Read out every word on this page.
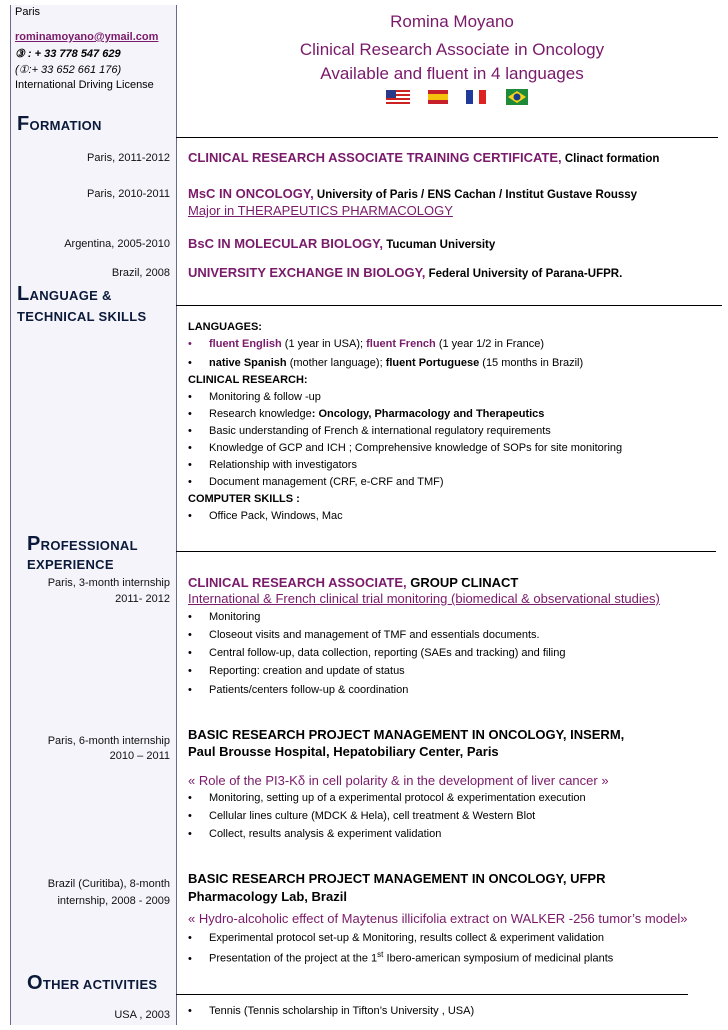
Paris
rominamoyano@ymail.com
③ : + 33 778 547 629
(①:+ 33 652 661 176)
International Driving License
Romina Moyano
Clinical Research Associate in Oncology
Available and fluent in 4 languages
FORMATION
Paris, 2011-2012 CLINICAL RESEARCH ASSOCIATE TRAINING CERTIFICATE, Clinact formation
Paris, 2010-2011 MsC IN ONCOLOGY, University of Paris / ENS Cachan / Institut Gustave Roussy
Major in THERAPEUTICS PHARMACOLOGY
Argentina, 2005-2010 BsC IN MOLECULAR BIOLOGY, Tucuman University
Brazil, 2008 UNIVERSITY EXCHANGE IN BIOLOGY, Federal University of Parana-UFPR.
LANGUAGE &
TECHNICAL SKILLS
LANGUAGES:
• fluent English (1 year in USA); fluent French (1 year 1/2 in France)
• native Spanish (mother language); fluent Portuguese (15 months in Brazil)
CLINICAL RESEARCH:
• Monitoring & follow -up
• Research knowledge: Oncology, Pharmacology and Therapeutics
• Basic understanding of French & international regulatory requirements
• Knowledge of GCP and ICH ; Comprehensive knowledge of SOPs for site monitoring
• Relationship with investigators
• Document management (CRF, e-CRF and TMF)
COMPUTER SKILLS :
• Office Pack, Windows, Mac
PROFESSIONAL
EXPERIENCE
Paris, 3-month internship
2011- 2012
CLINICAL RESEARCH ASSOCIATE, GROUP CLINACT
International & French clinical trial monitoring (biomedical & observational studies)
• Monitoring
• Closeout visits and management of TMF and essentials documents.
• Central follow-up, data collection, reporting (SAEs and tracking) and filing
• Reporting: creation and update of status
• Patients/centers follow-up & coordination
Paris, 6-month internship
2010 – 2011
BASIC RESEARCH PROJECT MANAGEMENT IN ONCOLOGY, INSERM,
Paul Brousse Hospital, Hepatobiliary Center, Paris
« Role of the PI3-Kδ in cell polarity & in the development of liver cancer »
• Monitoring, setting up of a experimental protocol & experimentation execution
• Cellular lines culture (MDCK & Hela), cell treatment & Western Blot
• Collect, results analysis & experiment validation
Brazil (Curitiba), 8-month
internship, 2008 - 2009
BASIC RESEARCH PROJECT MANAGEMENT IN ONCOLOGY, UFPR
Pharmacology Lab, Brazil
« Hydro-alcoholic effect of Maytenus illicifolia extract on WALKER -256 tumor’s model»
• Experimental protocol set-up & Monitoring, results collect & experiment validation
• Presentation of the project at the 1st Ibero-american symposium of medicinal plants
OTHER ACTIVITIES
USA , 2003 • Tennis (Tennis scholarship in Tifton’s University , USA)
